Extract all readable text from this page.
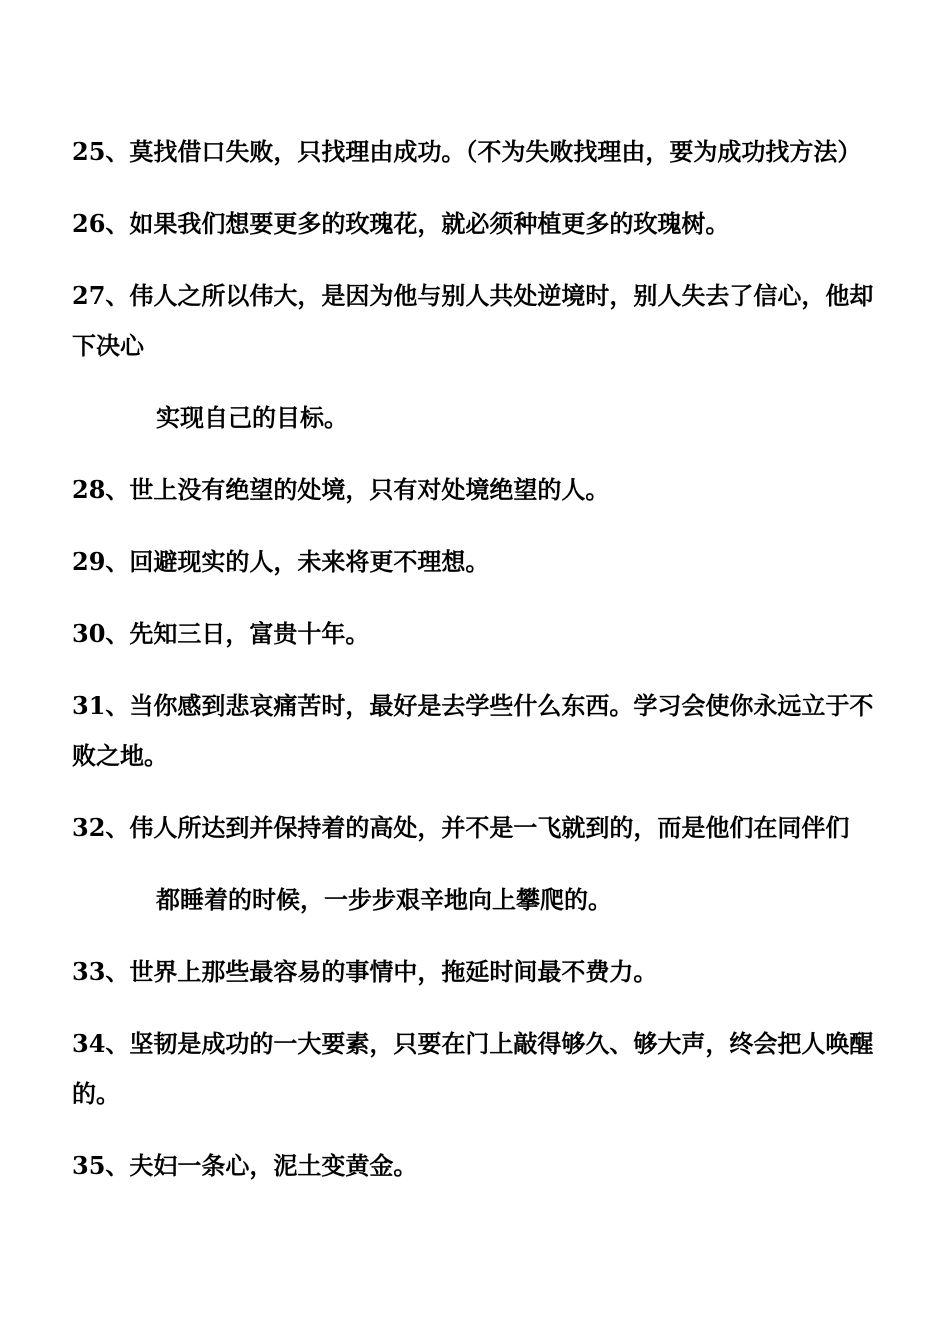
25、莫找借口失败，只找理由成功。（不为失败找理由，要为成功找方法）
26、如果我们想要更多的玫瑰花，就必须种植更多的玫瑰树。
27、伟人之所以伟大，是因为他与别人共处逆境时，别人失去了信心，他却
下决心
实现自己的目标。
28、世上没有绝望的处境，只有对处境绝望的人。
29、回避现实的人，未来将更不理想。
30、先知三日，富贵十年。
31、当你感到悲哀痛苦时，最好是去学些什么东西。学习会使你永远立于不
败之地。
32、伟人所达到并保持着的高处，并不是一飞就到的，而是他们在同伴们
都睡着的时候，一步步艰辛地向上攀爬的。
33、世界上那些最容易的事情中，拖延时间最不费力。
34、坚韧是成功的一大要素，只要在门上敲得够久、够大声，终会把人唤醒
的。
35、夫妇一条心，泥土变黄金。
